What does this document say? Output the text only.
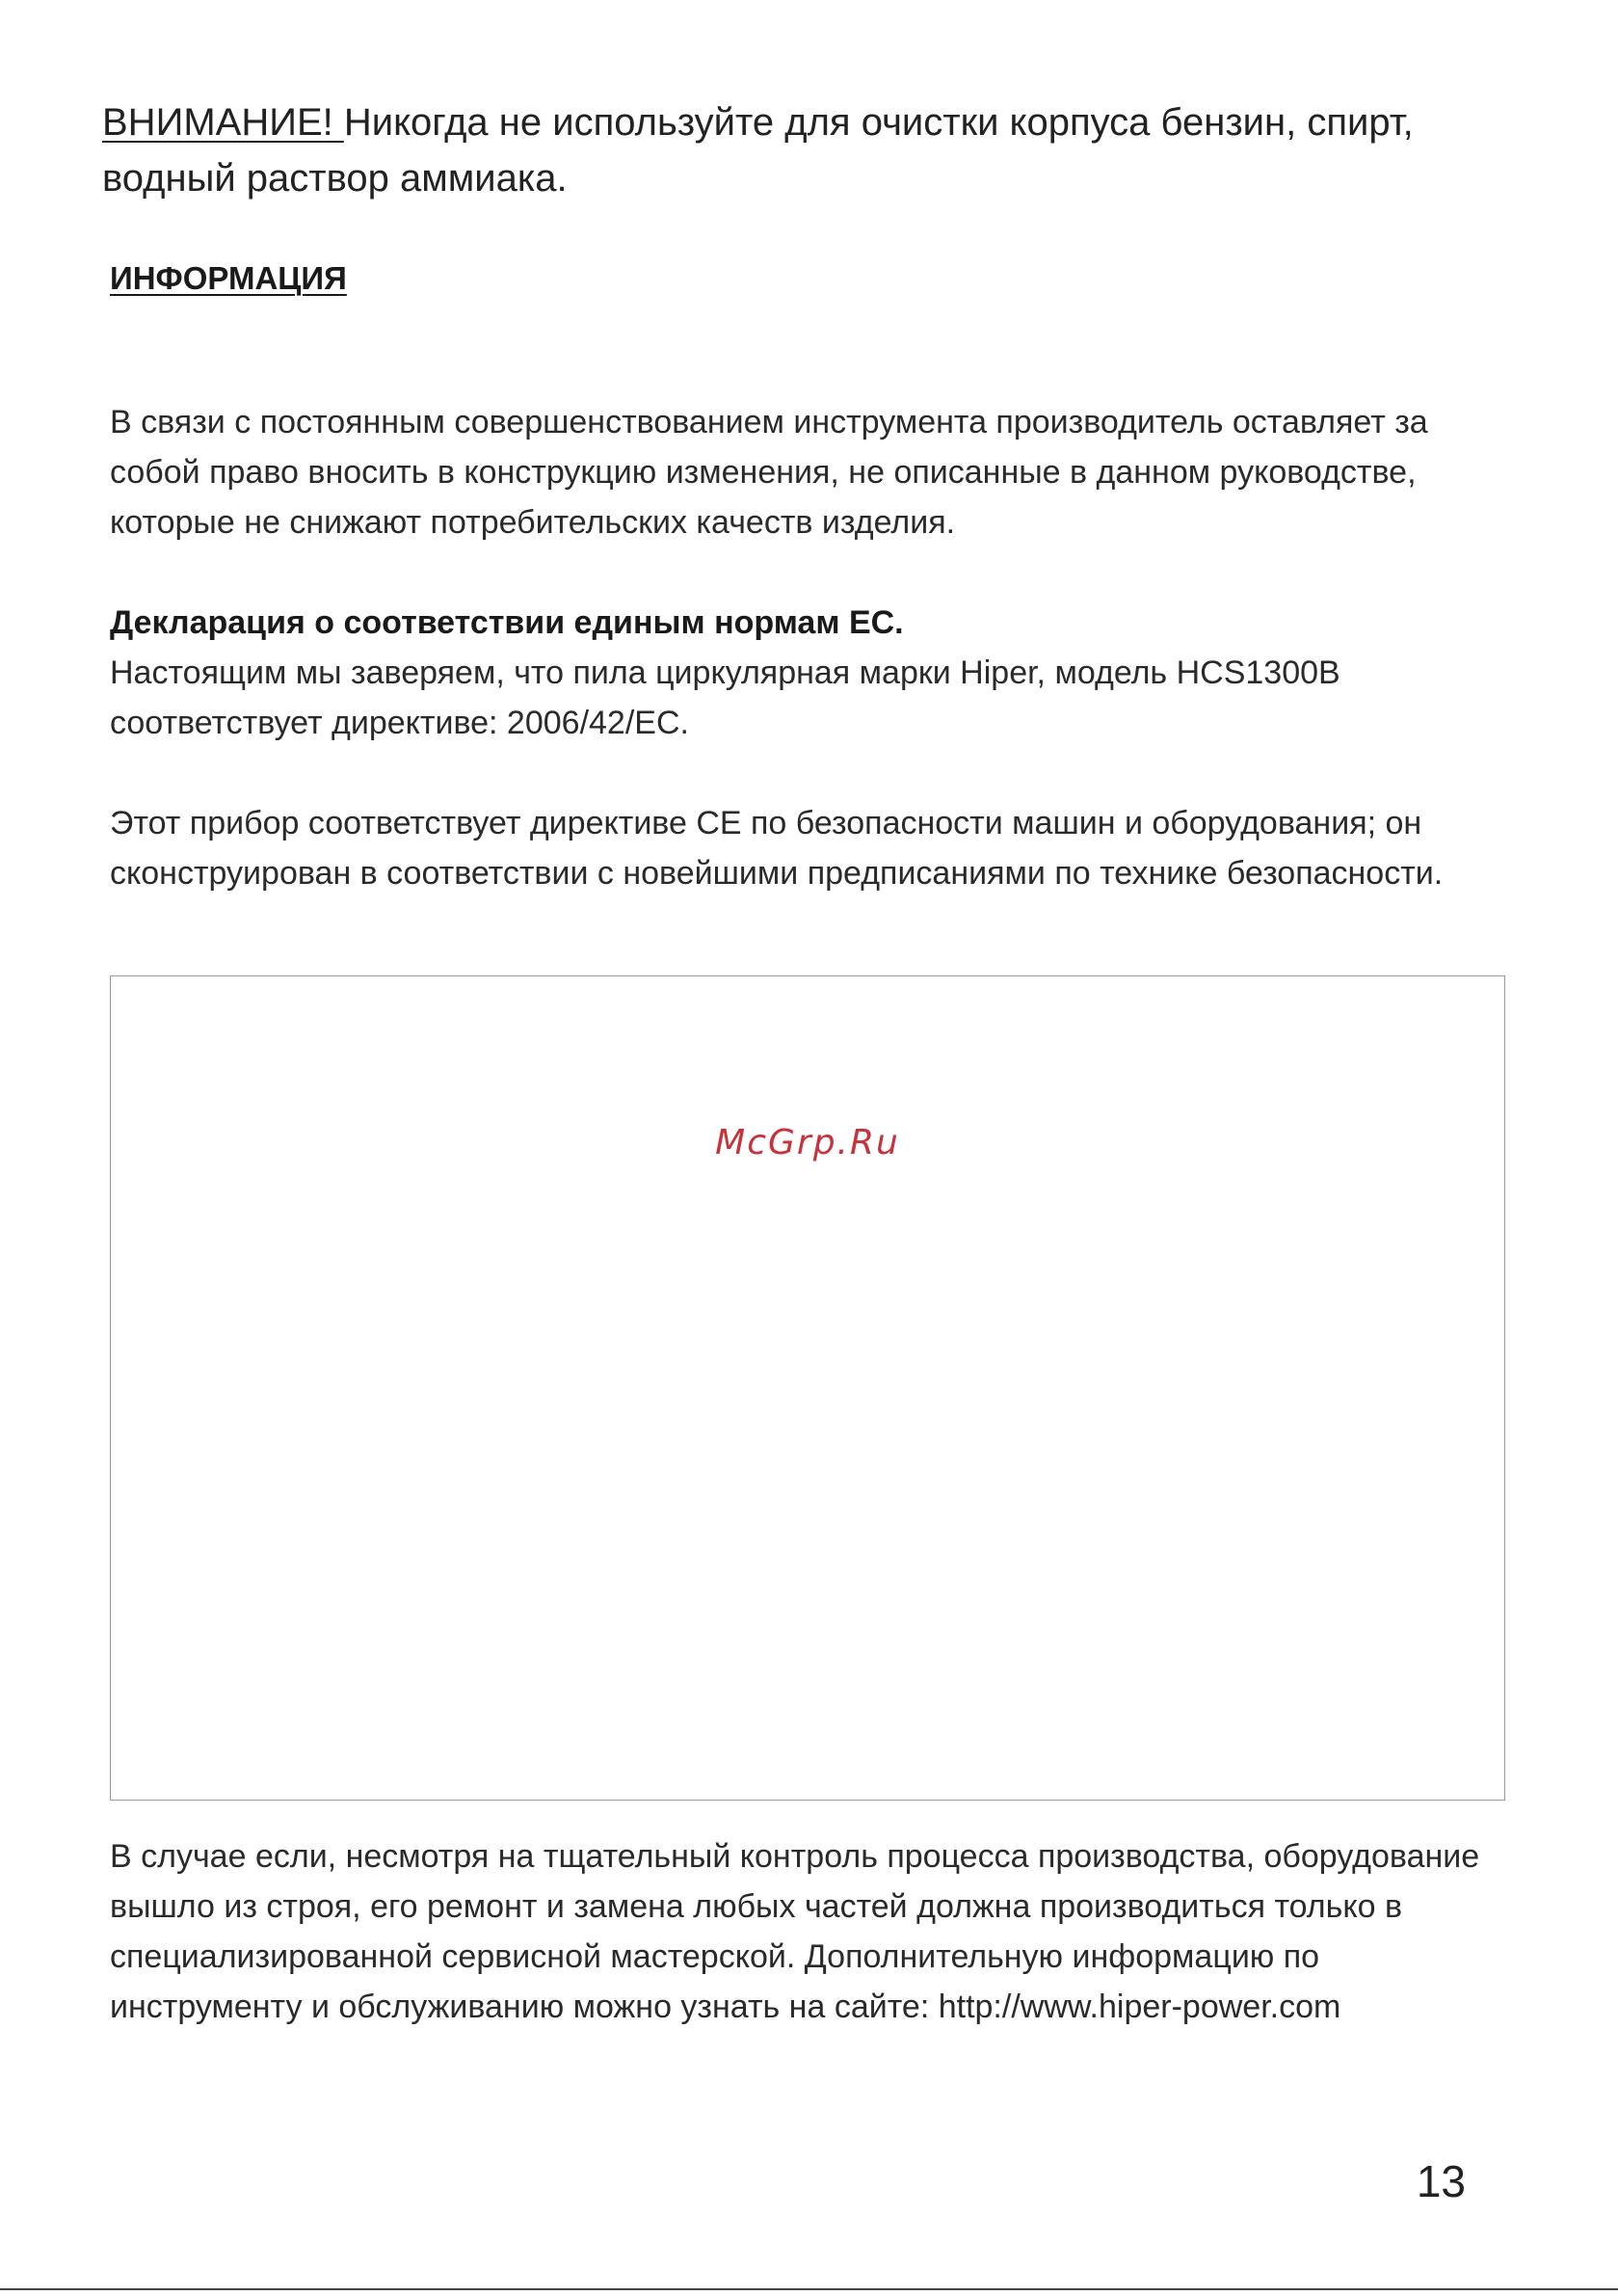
ВНИМАНИЕ! Никогда не используйте для очистки корпуса бензин, спирт, водный раствор аммиака.
ИНФОРМАЦИЯ
В связи с постоянным совершенствованием инструмента производитель оставляет за собой право вносить в конструкцию изменения, не описанные в данном руководстве, которые не снижают потребительских качеств изделия.
Декларация о соответствии единым нормам ЕС.
Настоящим мы заверяем, что пила циркулярная марки Hiper, модель HCS1300B соответствует директиве: 2006/42/ЕС.
Этот прибор соответствует директиве CE по безопасности машин и оборудования; он сконструирован в соответствии с новейшими предписаниями по технике безопасности.
McGrp.Ru
В случае если, несмотря на тщательный контроль процесса производства, оборудование вышло из строя, его ремонт и замена любых частей должна производиться только в специализированной сервисной мастерской. Дополнительную информацию по инструменту и обслуживанию можно узнать на сайте: http://www.hiper-power.com
13
